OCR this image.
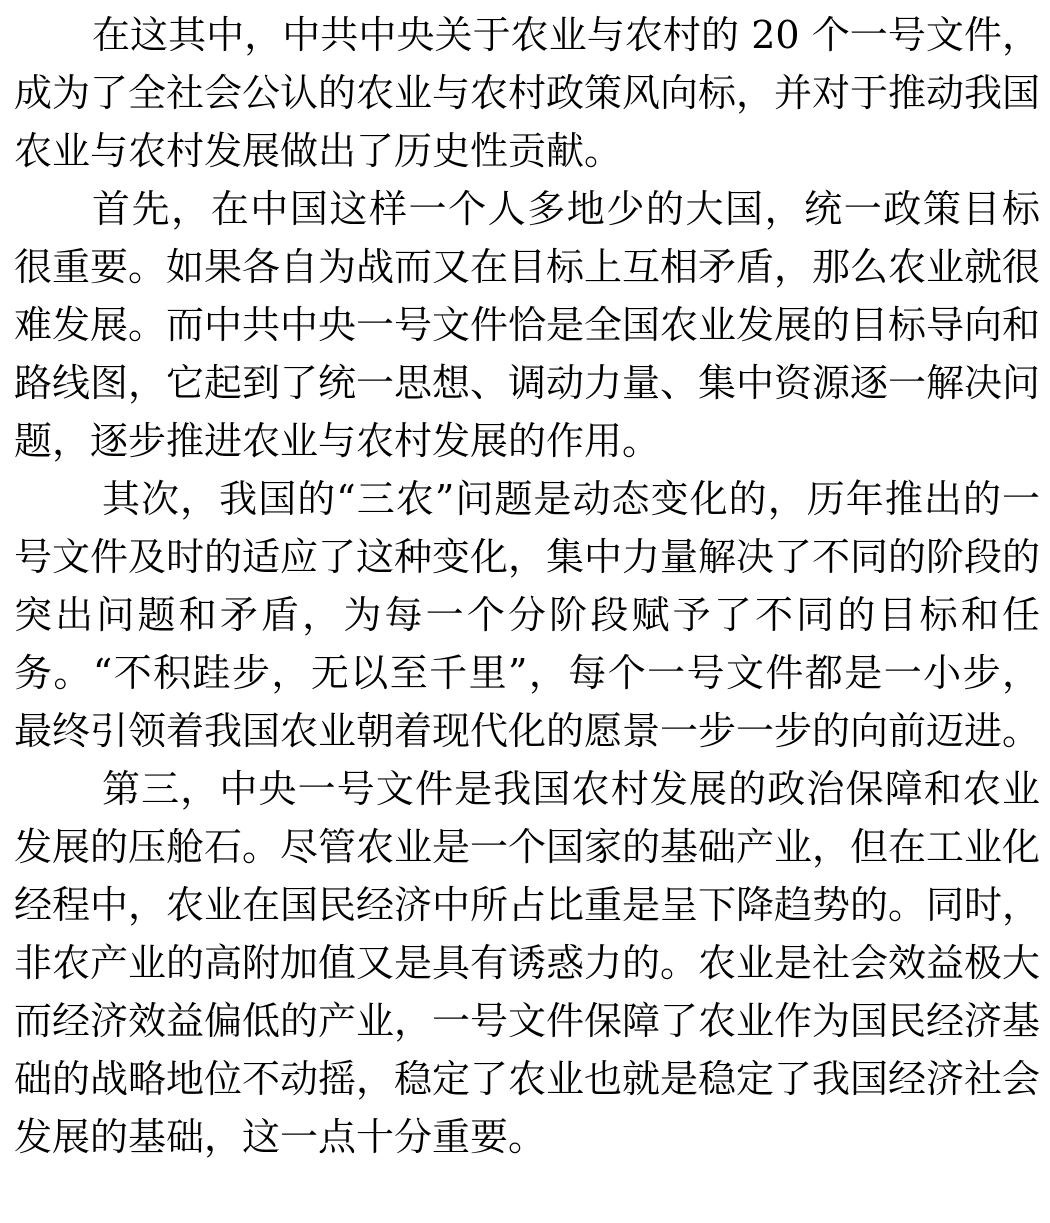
在这其中，中共中央关于农业与农村的 20 个一号文件，成为了全社会公认的农业与农村政策风向标，并对于推动我国农业与农村发展做出了历史性贡献。

首先，在中国这样一个人多地少的大国，统一政策目标很重要。如果各自为战而又在目标上互相矛盾，那么农业就很难发展。而中共中央一号文件恰是全国农业发展的目标导向和路线图，它起到了统一思想、调动力量、集中资源逐一解决问题，逐步推进农业与农村发展的作用。

其次，我国的“三农”问题是动态变化的，历年推出的一号文件及时的适应了这种变化，集中力量解决了不同的阶段的突出问题和矛盾，为每一个分阶段赋予了不同的目标和任务。“不积跬步，无以至千里”，每个一号文件都是一小步，最终引领着我国农业朝着现代化的愿景一步一步的向前迈进。

第三，中央一号文件是我国农村发展的政治保障和农业发展的压舱石。尽管农业是一个国家的基础产业，但在工业化经程中，农业在国民经济中所占比重是呈下降趋势的。同时，非农产业的高附加值又是具有诱惑力的。农业是社会效益极大而经济效益偏低的产业，一号文件保障了农业作为国民经济基础的战略地位不动摇，稳定了农业也就是稳定了我国经济社会发展的基础，这一点十分重要。
